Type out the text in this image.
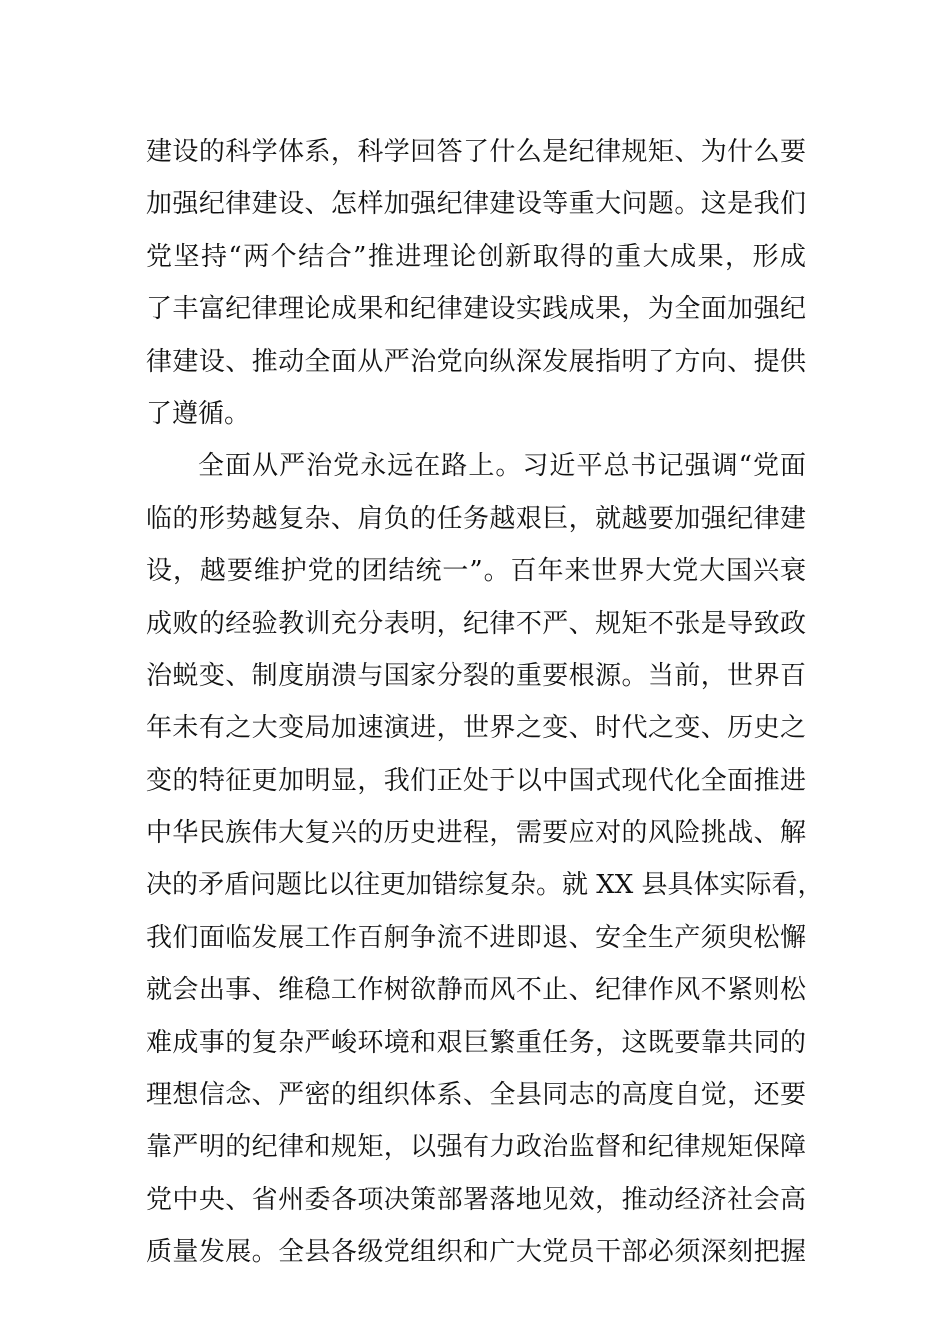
建设的科学体系，科学回答了什么是纪律规矩、为什么要
加强纪律建设、怎样加强纪律建设等重大问题。这是我们
党坚持“两个结合”推进理论创新取得的重大成果，形成
了丰富纪律理论成果和纪律建设实践成果，为全面加强纪
律建设、推动全面从严治党向纵深发展指明了方向、提供
了遵循。
全面从严治党永远在路上。习近平总书记强调“党面
临的形势越复杂、肩负的任务越艰巨，就越要加强纪律建
设，越要维护党的团结统一”。百年来世界大党大国兴衰
成败的经验教训充分表明，纪律不严、规矩不张是导致政
治蜕变、制度崩溃与国家分裂的重要根源。当前，世界百
年未有之大变局加速演进，世界之变、时代之变、历史之
变的特征更加明显，我们正处于以中国式现代化全面推进
中华民族伟大复兴的历史进程，需要应对的风险挑战、解
决的矛盾问题比以往更加错综复杂。就 XX 县具体实际看，
我们面临发展工作百舸争流不进即退、安全生产须臾松懈
就会出事、维稳工作树欲静而风不止、纪律作风不紧则松
难成事的复杂严峻环境和艰巨繁重任务，这既要靠共同的
理想信念、严密的组织体系、全县同志的高度自觉，还要
靠严明的纪律和规矩，以强有力政治监督和纪律规矩保障
党中央、省州委各项决策部署落地见效，推动经济社会高
质量发展。全县各级党组织和广大党员干部必须深刻把握
